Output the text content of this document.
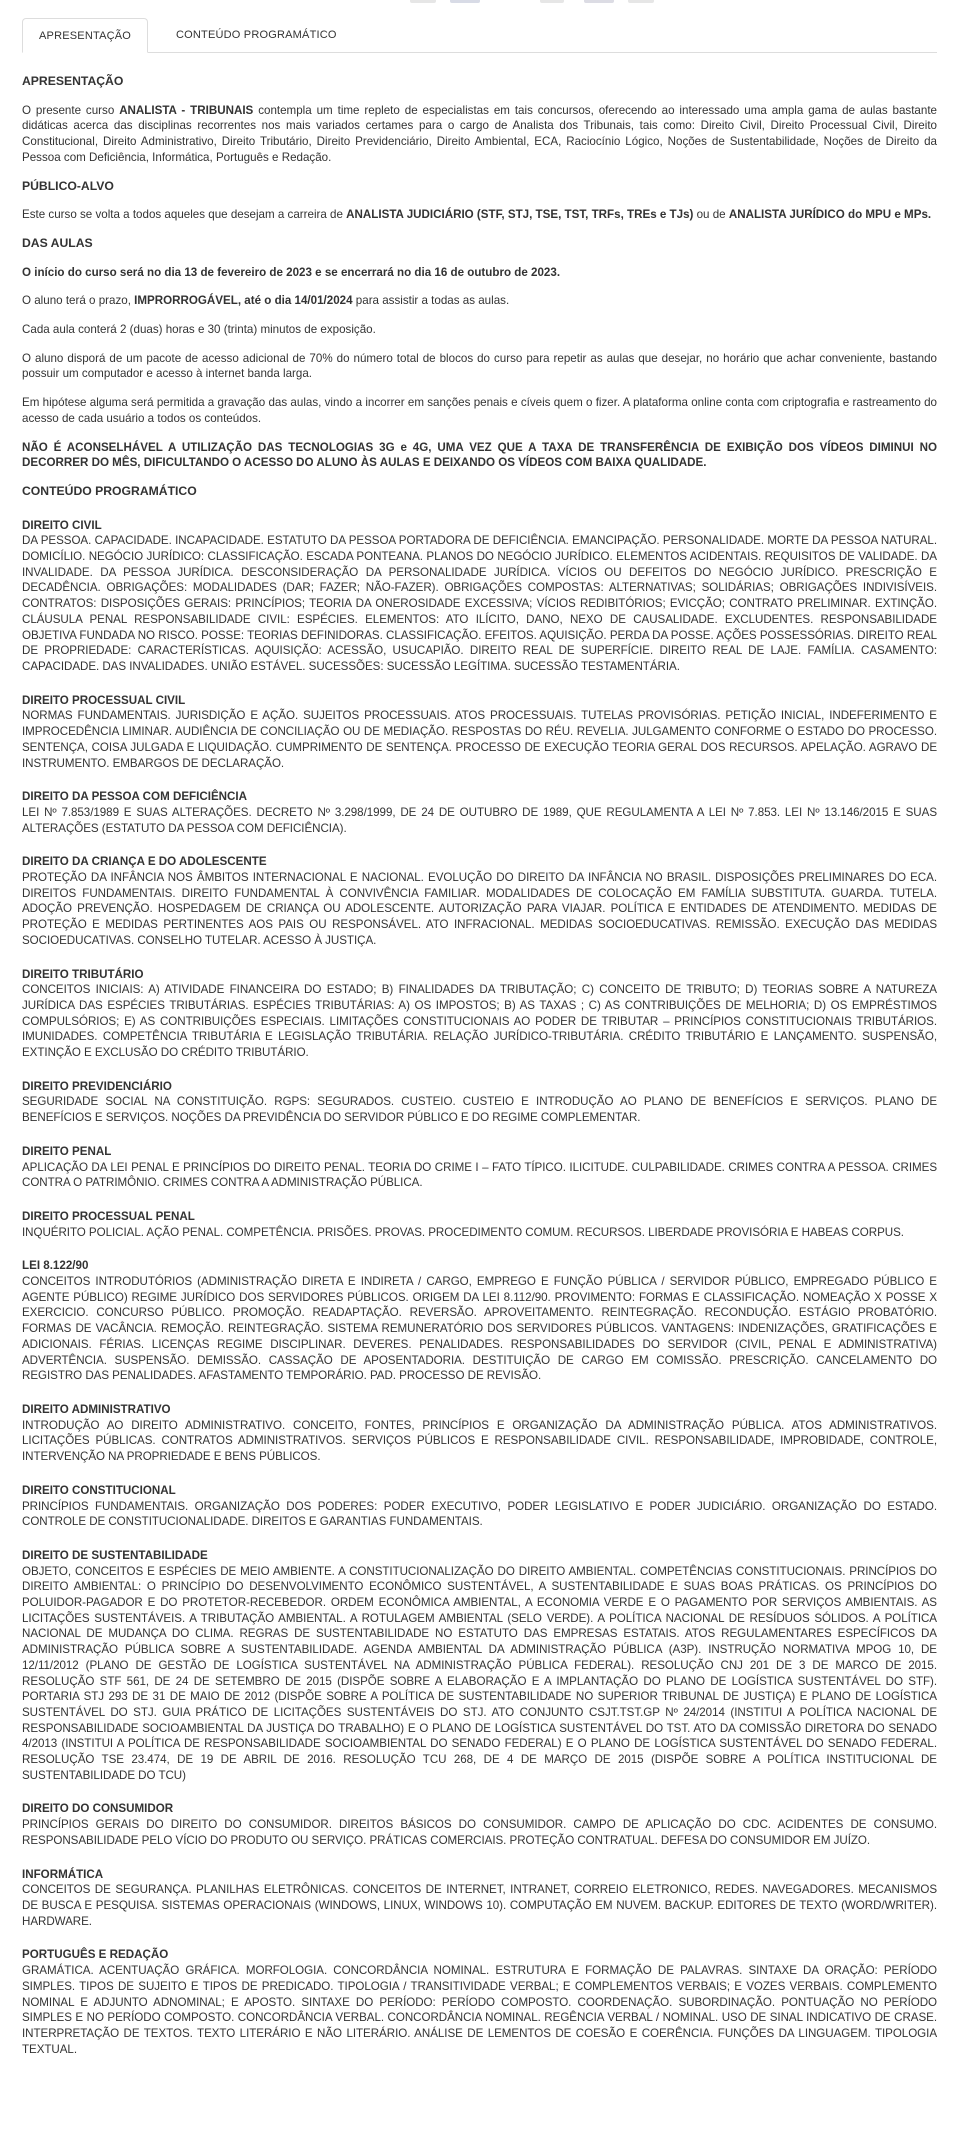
APRESENTAÇÃO	CONTEÚDO PROGRAMÁTICO

APRESENTAÇÃO

O presente curso ANALISTA - TRIBUNAIS contempla um time repleto de especialistas em tais concursos, oferecendo ao interessado uma ampla gama de aulas bastante didáticas acerca das disciplinas recorrentes nos mais variados certames para o cargo de Analista dos Tribunais, tais como: Direito Civil, Direito Processual Civil, Direito Constitucional, Direito Administrativo, Direito Tributário, Direito Previdenciário, Direito Ambiental, ECA, Raciocínio Lógico, Noções de Sustentabilidade, Noções de Direito da Pessoa com Deficiência, Informática, Português e Redação.

PÚBLICO-ALVO

Este curso se volta a todos aqueles que desejam a carreira de ANALISTA JUDICIÁRIO (STF, STJ, TSE, TST, TRFs, TREs e TJs) ou de ANALISTA JURÍDICO do MPU e MPs.

DAS AULAS

O início do curso será no dia 13 de fevereiro de 2023 e se encerrará no dia 16 de outubro de 2023.

O aluno terá o prazo, IMPRORROGÁVEL, até o dia 14/01/2024 para assistir a todas as aulas.

Cada aula conterá 2 (duas) horas e 30 (trinta) minutos de exposição.

O aluno disporá de um pacote de acesso adicional de 70% do número total de blocos do curso para repetir as aulas que desejar, no horário que achar conveniente, bastando possuir um computador e acesso à internet banda larga.

Em hipótese alguma será permitida a gravação das aulas, vindo a incorrer em sanções penais e cíveis quem o fizer. A plataforma online conta com criptografia e rastreamento do acesso de cada usuário a todos os conteúdos.

NÃO É ACONSELHÁVEL A UTILIZAÇÃO DAS TECNOLOGIAS 3G e 4G, UMA VEZ QUE A TAXA DE TRANSFERÊNCIA DE EXIBIÇÃO DOS VÍDEOS DIMINUI NO DECORRER DO MÊS, DIFICULTANDO O ACESSO DO ALUNO ÀS AULAS E DEIXANDO OS VÍDEOS COM BAIXA QUALIDADE.

CONTEÚDO PROGRAMÁTICO

DIREITO CIVIL
DA PESSOA. CAPACIDADE. INCAPACIDADE. ESTATUTO DA PESSOA PORTADORA DE DEFICIÊNCIA. EMANCIPAÇÃO. PERSONALIDADE. MORTE DA PESSOA NATURAL. DOMICÍLIO. NEGÓCIO JURÍDICO: CLASSIFICAÇÃO. ESCADA PONTEANA. PLANOS DO NEGÓCIO JURÍDICO. ELEMENTOS ACIDENTAIS. REQUISITOS DE VALIDADE. DA INVALIDADE. DA PESSOA JURÍDICA. DESCONSIDERAÇÃO DA PERSONALIDADE JURÍDICA. VÍCIOS OU DEFEITOS DO NEGÓCIO JURÍDICO. PRESCRIÇÃO E DECADÊNCIA. OBRIGAÇÕES: MODALIDADES (DAR; FAZER; NÃO-FAZER). OBRIGAÇÕES COMPOSTAS: ALTERNATIVAS; SOLIDÁRIAS; OBRIGAÇÕES INDIVISÍVEIS. CONTRATOS: DISPOSIÇÕES GERAIS: PRINCÍPIOS; TEORIA DA ONEROSIDADE EXCESSIVA; VÍCIOS REDIBITÓRIOS; EVICÇÃO; CONTRATO PRELIMINAR. EXTINÇÃO. CLÁUSULA PENAL RESPONSABILIDADE CIVIL: ESPÉCIES. ELEMENTOS: ATO ILÍCITO, DANO, NEXO DE CAUSALIDADE. EXCLUDENTES. RESPONSABILIDADE OBJETIVA FUNDADA NO RISCO. POSSE: TEORIAS DEFINIDORAS. CLASSIFICAÇÃO. EFEITOS. AQUISIÇÃO. PERDA DA POSSE. AÇÕES POSSESSÓRIAS. DIREITO REAL DE PROPRIEDADE: CARACTERÍSTICAS. AQUISIÇÃO: ACESSÃO, USUCAPIÃO. DIREITO REAL DE SUPERFÍCIE. DIREITO REAL DE LAJE. FAMÍLIA. CASAMENTO: CAPACIDADE. DAS INVALIDADES. UNIÃO ESTÁVEL. SUCESSÕES: SUCESSÃO LEGÍTIMA. SUCESSÃO TESTAMENTÁRIA.
DIREITO PROCESSUAL CIVIL
NORMAS FUNDAMENTAIS. JURISDIÇÃO E AÇÃO. SUJEITOS PROCESSUAIS. ATOS PROCESSUAIS. TUTELAS PROVISÓRIAS. PETIÇÃO INICIAL, INDEFERIMENTO E IMPROCEDÊNCIA LIMINAR. AUDIÊNCIA DE CONCILIAÇÃO OU DE MEDIAÇÃO. RESPOSTAS DO RÉU. REVELIA. JULGAMENTO CONFORME O ESTADO DO PROCESSO. SENTENÇA, COISA JULGADA E LIQUIDAÇÃO. CUMPRIMENTO DE SENTENÇA. PROCESSO DE EXECUÇÃO TEORIA GERAL DOS RECURSOS. APELAÇÃO. AGRAVO DE INSTRUMENTO. EMBARGOS DE DECLARAÇÃO.
DIREITO DA PESSOA COM DEFICIÊNCIA
LEI Nº 7.853/1989 E SUAS ALTERAÇÕES. DECRETO Nº 3.298/1999, DE 24 DE OUTUBRO DE 1989, QUE REGULAMENTA A LEI Nº 7.853. LEI Nº 13.146/2015 E SUAS ALTERAÇÕES (ESTATUTO DA PESSOA COM DEFICIÊNCIA).
DIREITO DA CRIANÇA E DO ADOLESCENTE
PROTEÇÃO DA INFÂNCIA NOS ÂMBITOS INTERNACIONAL E NACIONAL. EVOLUÇÃO DO DIREITO DA INFÂNCIA NO BRASIL. DISPOSIÇÕES PRELIMINARES DO ECA. DIREITOS FUNDAMENTAIS. DIREITO FUNDAMENTAL À CONVIVÊNCIA FAMILIAR. MODALIDADES DE COLOCAÇÃO EM FAMÍLIA SUBSTITUTA. GUARDA. TUTELA. ADOÇÃO PREVENÇÃO. HOSPEDAGEM DE CRIANÇA OU ADOLESCENTE. AUTORIZAÇÃO PARA VIAJAR. POLÍTICA E ENTIDADES DE ATENDIMENTO. MEDIDAS DE PROTEÇÃO E MEDIDAS PERTINENTES AOS PAIS OU RESPONSÁVEL. ATO INFRACIONAL. MEDIDAS SOCIOEDUCATIVAS. REMISSÃO. EXECUÇÃO DAS MEDIDAS SOCIOEDUCATIVAS. CONSELHO TUTELAR. ACESSO À JUSTIÇA.
DIREITO TRIBUTÁRIO
CONCEITOS INICIAIS: A) ATIVIDADE FINANCEIRA DO ESTADO; B) FINALIDADES DA TRIBUTAÇÃO; C) CONCEITO DE TRIBUTO; D) TEORIAS SOBRE A NATUREZA JURÍDICA DAS ESPÉCIES TRIBUTÁRIAS. ESPÉCIES TRIBUTÁRIAS: A) OS IMPOSTOS; B) AS TAXAS ; C) AS CONTRIBUIÇÕES DE MELHORIA; D) OS EMPRÉSTIMOS COMPULSÓRIOS; E) AS CONTRIBUIÇÕES ESPECIAIS. LIMITAÇÕES CONSTITUCIONAIS AO PODER DE TRIBUTAR – PRINCÍPIOS CONSTITUCIONAIS TRIBUTÁRIOS. IMUNIDADES. COMPETÊNCIA TRIBUTÁRIA E LEGISLAÇÃO TRIBUTÁRIA. RELAÇÃO JURÍDICO-TRIBUTÁRIA. CRÉDITO TRIBUTÁRIO E LANÇAMENTO. SUSPENSÃO, EXTINÇÃO E EXCLUSÃO DO CRÉDITO TRIBUTÁRIO.
DIREITO PREVIDENCIÁRIO
SEGURIDADE SOCIAL NA CONSTITUIÇÃO. RGPS: SEGURADOS. CUSTEIO. CUSTEIO E INTRODUÇÃO AO PLANO DE BENEFÍCIOS E SERVIÇOS. PLANO DE BENEFÍCIOS E SERVIÇOS. NOÇÕES DA PREVIDÊNCIA DO SERVIDOR PÚBLICO E DO REGIME COMPLEMENTAR.
DIREITO PENAL
APLICAÇÃO DA LEI PENAL E PRINCÍPIOS DO DIREITO PENAL. TEORIA DO CRIME I – FATO TÍPICO. ILICITUDE. CULPABILIDADE. CRIMES CONTRA A PESSOA. CRIMES CONTRA O PATRIMÔNIO. CRIMES CONTRA A ADMINISTRAÇÃO PÚBLICA.
DIREITO PROCESSUAL PENAL
INQUÉRITO POLICIAL. AÇÃO PENAL. COMPETÊNCIA. PRISÕES. PROVAS. PROCEDIMENTO COMUM. RECURSOS. LIBERDADE PROVISÓRIA E HABEAS CORPUS.
LEI 8.122/90
CONCEITOS INTRODUTÓRIOS (ADMINISTRAÇÃO DIRETA E INDIRETA / CARGO, EMPREGO E FUNÇÃO PÚBLICA / SERVIDOR PÚBLICO, EMPREGADO PÚBLICO E AGENTE PÚBLICO) REGIME JURÍDICO DOS SERVIDORES PÚBLICOS. ORIGEM DA LEI 8.112/90. PROVIMENTO: FORMAS E CLASSIFICAÇÃO. NOMEAÇÃO X POSSE X EXERCICIO. CONCURSO PÚBLICO. PROMOÇÃO. READAPTAÇÃO. REVERSÃO. APROVEITAMENTO. REINTEGRAÇÃO. RECONDUÇÃO. ESTÁGIO PROBATÓRIO. FORMAS DE VACÂNCIA. REMOÇÃO. REINTEGRAÇÃO. SISTEMA REMUNERATÓRIO DOS SERVIDORES PÚBLICOS. VANTAGENS: INDENIZAÇÕES, GRATIFICAÇÕES E ADICIONAIS. FÉRIAS. LICENÇAS REGIME DISCIPLINAR. DEVERES. PENALIDADES. RESPONSABILIDADES DO SERVIDOR (CIVIL, PENAL E ADMINISTRATIVA) ADVERTÊNCIA. SUSPENSÃO. DEMISSÃO. CASSAÇÃO DE APOSENTADORIA. DESTITUIÇÃO DE CARGO EM COMISSÃO. PRESCRIÇÃO. CANCELAMENTO DO REGISTRO DAS PENALIDADES. AFASTAMENTO TEMPORÁRIO. PAD. PROCESSO DE REVISÃO.
DIREITO ADMINISTRATIVO
INTRODUÇÃO AO DIREITO ADMINISTRATIVO. CONCEITO, FONTES, PRINCÍPIOS E ORGANIZAÇÃO DA ADMINISTRAÇÃO PÚBLICA. ATOS ADMINISTRATIVOS. LICITAÇÕES PÚBLICAS. CONTRATOS ADMINISTRATIVOS. SERVIÇOS PÚBLICOS E RESPONSABILIDADE CIVIL. RESPONSABILIDADE, IMPROBIDADE, CONTROLE, INTERVENÇÃO NA PROPRIEDADE E BENS PÚBLICOS.
DIREITO CONSTITUCIONAL
PRINCÍPIOS FUNDAMENTAIS. ORGANIZAÇÃO DOS PODERES: PODER EXECUTIVO, PODER LEGISLATIVO E PODER JUDICIÁRIO. ORGANIZAÇÃO DO ESTADO. CONTROLE DE CONSTITUCIONALIDADE. DIREITOS E GARANTIAS FUNDAMENTAIS.
DIREITO DE SUSTENTABILIDADE
OBJETO, CONCEITOS E ESPÉCIES DE MEIO AMBIENTE. A CONSTITUCIONALIZAÇÃO DO DIREITO AMBIENTAL. COMPETÊNCIAS CONSTITUCIONAIS. PRINCÍPIOS DO DIREITO AMBIENTAL: O PRINCÍPIO DO DESENVOLVIMENTO ECONÔMICO SUSTENTÁVEL, A SUSTENTABILIDADE E SUAS BOAS PRÁTICAS. OS PRINCÍPIOS DO POLUIDOR-PAGADOR E DO PROTETOR-RECEBEDOR. ORDEM ECONÔMICA AMBIENTAL, A ECONOMIA VERDE E O PAGAMENTO POR SERVIÇOS AMBIENTAIS. AS LICITAÇÕES SUSTENTÁVEIS. A TRIBUTAÇÃO AMBIENTAL. A ROTULAGEM AMBIENTAL (SELO VERDE). A POLÍTICA NACIONAL DE RESÍDUOS SÓLIDOS. A POLÍTICA NACIONAL DE MUDANÇA DO CLIMA. REGRAS DE SUSTENTABILIDADE NO ESTATUTO DAS EMPRESAS ESTATAIS. ATOS REGULAMENTARES ESPECÍFICOS DA ADMINISTRAÇÃO PÚBLICA SOBRE A SUSTENTABILIDADE. AGENDA AMBIENTAL DA ADMINISTRAÇÃO PÚBLICA (A3P). INSTRUÇÃO NORMATIVA MPOG 10, DE 12/11/2012 (PLANO DE GESTÃO DE LOGÍSTICA SUSTENTÁVEL NA ADMINISTRAÇÃO PÚBLICA FEDERAL). RESOLUÇÃO CNJ 201 DE 3 DE MARCO DE 2015. RESOLUÇÃO STF 561, DE 24 DE SETEMBRO DE 2015 (DISPÕE SOBRE A ELABORAÇÃO E A IMPLANTAÇÃO DO PLANO DE LOGÍSTICA SUSTENTÁVEL DO STF). PORTARIA STJ 293 DE 31 DE MAIO DE 2012 (DISPÕE SOBRE A POLÍTICA DE SUSTENTABILIDADE NO SUPERIOR TRIBUNAL DE JUSTIÇA) E PLANO DE LOGÍSTICA SUSTENTÁVEL DO STJ. GUIA PRÁTICO DE LICITAÇÕES SUSTENTÁVEIS DO STJ. ATO CONJUNTO CSJT.TST.GP Nº 24/2014 (INSTITUI A POLÍTICA NACIONAL DE RESPONSABILIDADE SOCIOAMBIENTAL DA JUSTIÇA DO TRABALHO) E O PLANO DE LOGÍSTICA SUSTENTÁVEL DO TST. ATO DA COMISSÃO DIRETORA DO SENADO 4/2013 (INSTITUI A POLÍTICA DE RESPONSABILIDADE SOCIOAMBIENTAL DO SENADO FEDERAL) E O PLANO DE LOGÍSTICA SUSTENTÁVEL DO SENADO FEDERAL. RESOLUÇÃO TSE 23.474, DE 19 DE ABRIL DE 2016. RESOLUÇÃO TCU 268, DE 4 DE MARÇO DE 2015 (DISPÕE SOBRE A POLÍTICA INSTITUCIONAL DE SUSTENTABILIDADE DO TCU)
DIREITO DO CONSUMIDOR
PRINCÍPIOS GERAIS DO DIREITO DO CONSUMIDOR. DIREITOS BÁSICOS DO CONSUMIDOR. CAMPO DE APLICAÇÃO DO CDC. ACIDENTES DE CONSUMO. RESPONSABILIDADE PELO VÍCIO DO PRODUTO OU SERVIÇO. PRÁTICAS COMERCIAIS. PROTEÇÃO CONTRATUAL. DEFESA DO CONSUMIDOR EM JUÍZO.
INFORMÁTICA
CONCEITOS DE SEGURANÇA. PLANILHAS ELETRÔNICAS. CONCEITOS DE INTERNET, INTRANET, CORREIO ELETRONICO, REDES. NAVEGADORES. MECANISMOS DE BUSCA E PESQUISA. SISTEMAS OPERACIONAIS (WINDOWS, LINUX, WINDOWS 10). COMPUTAÇÃO EM NUVEM. BACKUP. EDITORES DE TEXTO (WORD/WRITER). HARDWARE.
PORTUGUÊS E REDAÇÃO
GRAMÁTICA. ACENTUAÇÃO GRÁFICA. MORFOLOGIA. CONCORDÂNCIA NOMINAL. ESTRUTURA E FORMAÇÃO DE PALAVRAS. SINTAXE DA ORAÇÃO: PERÍODO SIMPLES. TIPOS DE SUJEITO E TIPOS DE PREDICADO. TIPOLOGIA / TRANSITIVIDADE VERBAL; E COMPLEMENTOS VERBAIS; E VOZES VERBAIS. COMPLEMENTO NOMINAL E ADJUNTO ADNOMINAL; E APOSTO. SINTAXE DO PERÍODO: PERÍODO COMPOSTO. COORDENAÇÃO. SUBORDINAÇÃO. PONTUAÇÃO NO PERÍODO SIMPLES E NO PERÍODO COMPOSTO. CONCORDÂNCIA VERBAL. CONCORDÂNCIA NOMINAL. REGÊNCIA VERBAL / NOMINAL. USO DE SINAL INDICATIVO DE CRASE. INTERPRETAÇÃO DE TEXTOS. TEXTO LITERÁRIO E NÃO LITERÁRIO. ANÁLISE DE LEMENTOS DE COESÃO E COERÊNCIA. FUNÇÕES DA LINGUAGEM. TIPOLOGIA TEXTUAL.
